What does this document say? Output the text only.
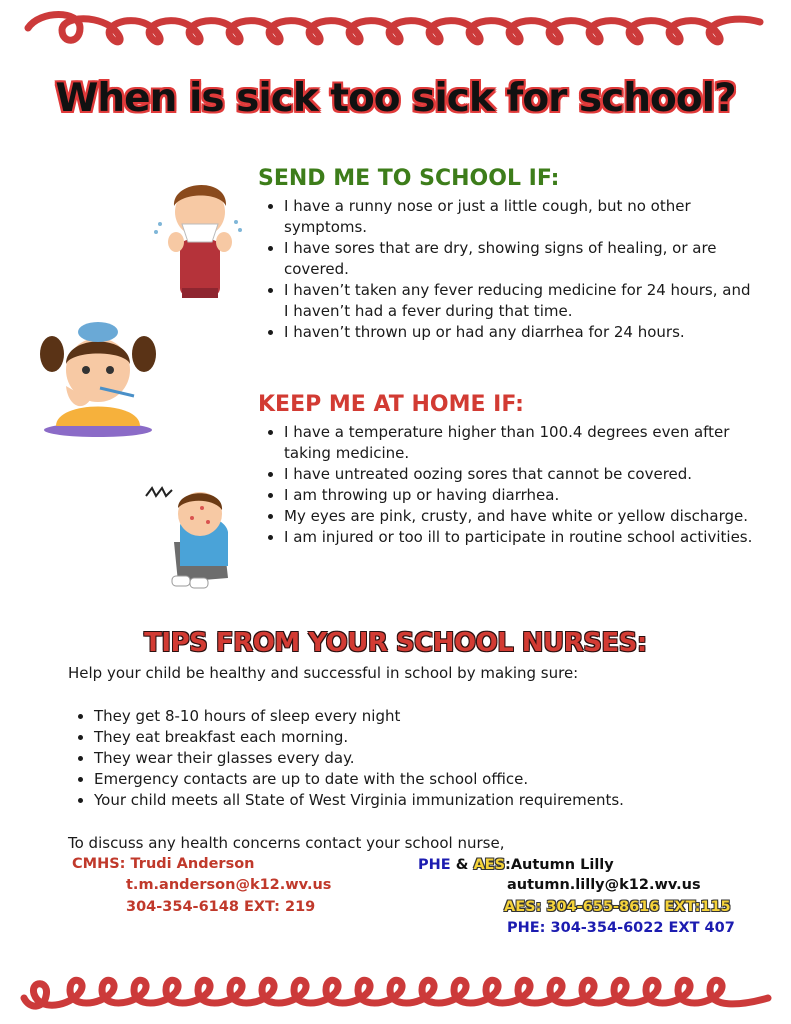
When is sick too sick for school?
SEND ME TO SCHOOL IF:
• I have a runny nose or just a little cough, but no other symptoms.
• I have sores that are dry, showing signs of healing, or are covered.
• I haven’t taken any fever reducing medicine for 24 hours, and I haven’t had a fever during that time.
• I haven’t thrown up or had any diarrhea for 24 hours.
KEEP ME AT HOME IF:
• I have a temperature higher than 100.4 degrees even after taking medicine.
• I have untreated oozing sores that cannot be covered.
• I am throwing up or having diarrhea.
• My eyes are pink, crusty, and have white or yellow discharge.
• I am injured or too ill to participate in routine school activities.
TIPS FROM YOUR SCHOOL NURSES:
Help your child be healthy and successful in school by making sure:
• They get 8-10 hours of sleep every night
• They eat breakfast each morning.
• They wear their glasses every day.
• Emergency contacts are up to date with the school office.
• Your child meets all State of West Virginia immunization requirements.
To discuss any health concerns contact your school nurse,
CMHS: Trudi Anderson
t.m.anderson@k12.wv.us
304-354-6148 EXT: 219
PHE & AES:Autumn Lilly
autumn.lilly@k12.wv.us
AES: 304-655-8616 EXT:115
PHE: 304-354-6022 EXT 407
